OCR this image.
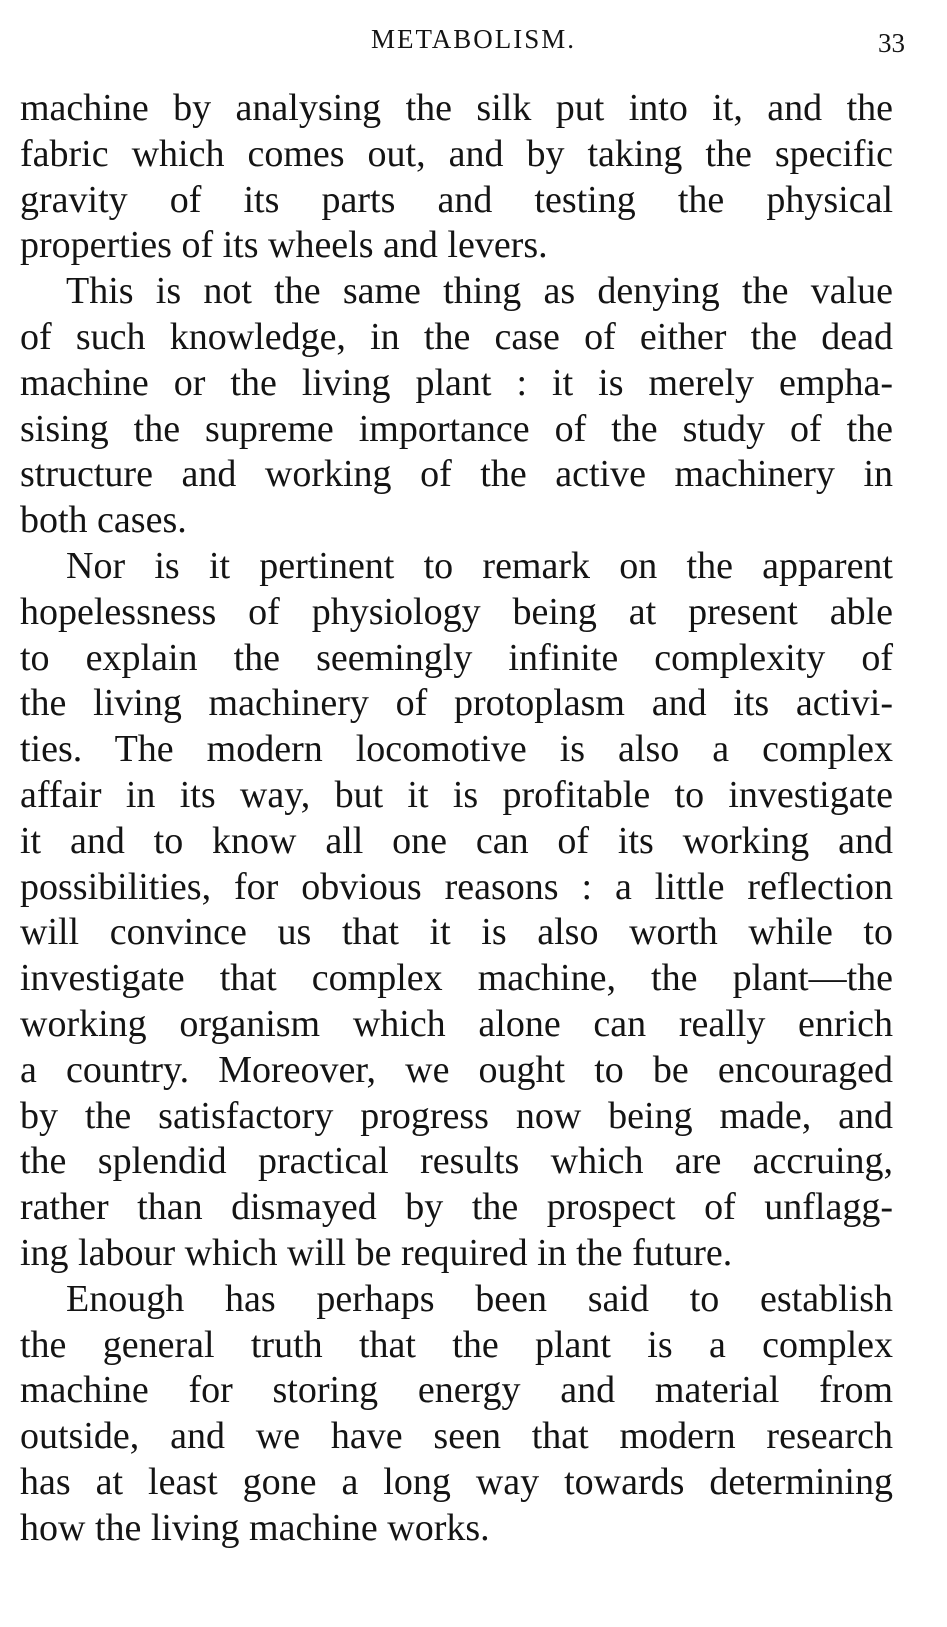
METABOLISM.	33
machine by analysing the silk put into it, and the
fabric which comes out, and by taking the specific
gravity of its parts and testing the physical
properties of its wheels and levers.
This is not the same thing as denying the value
of such knowledge, in the case of either the dead
machine or the living plant : it is merely empha-
sising the supreme importance of the study of the
structure and working of the active machinery in
both cases.
Nor is it pertinent to remark on the apparent
hopelessness of physiology being at present able
to explain the seemingly infinite complexity of
the living machinery of protoplasm and its activi-
ties. The modern locomotive is also a complex
affair in its way, but it is profitable to investigate
it and to know all one can of its working and
possibilities, for obvious reasons : a little reflection
will convince us that it is also worth while to
investigate that complex machine, the plant—the
working organism which alone can really enrich
a country. Moreover, we ought to be encouraged
by the satisfactory progress now being made, and
the splendid practical results which are accruing,
rather than dismayed by the prospect of unflagg-
ing labour which will be required in the future.
Enough has perhaps been said to establish
the general truth that the plant is a complex
machine for storing energy and material from
outside, and we have seen that modern research
has at least gone a long way towards determining
how the living machine works.
